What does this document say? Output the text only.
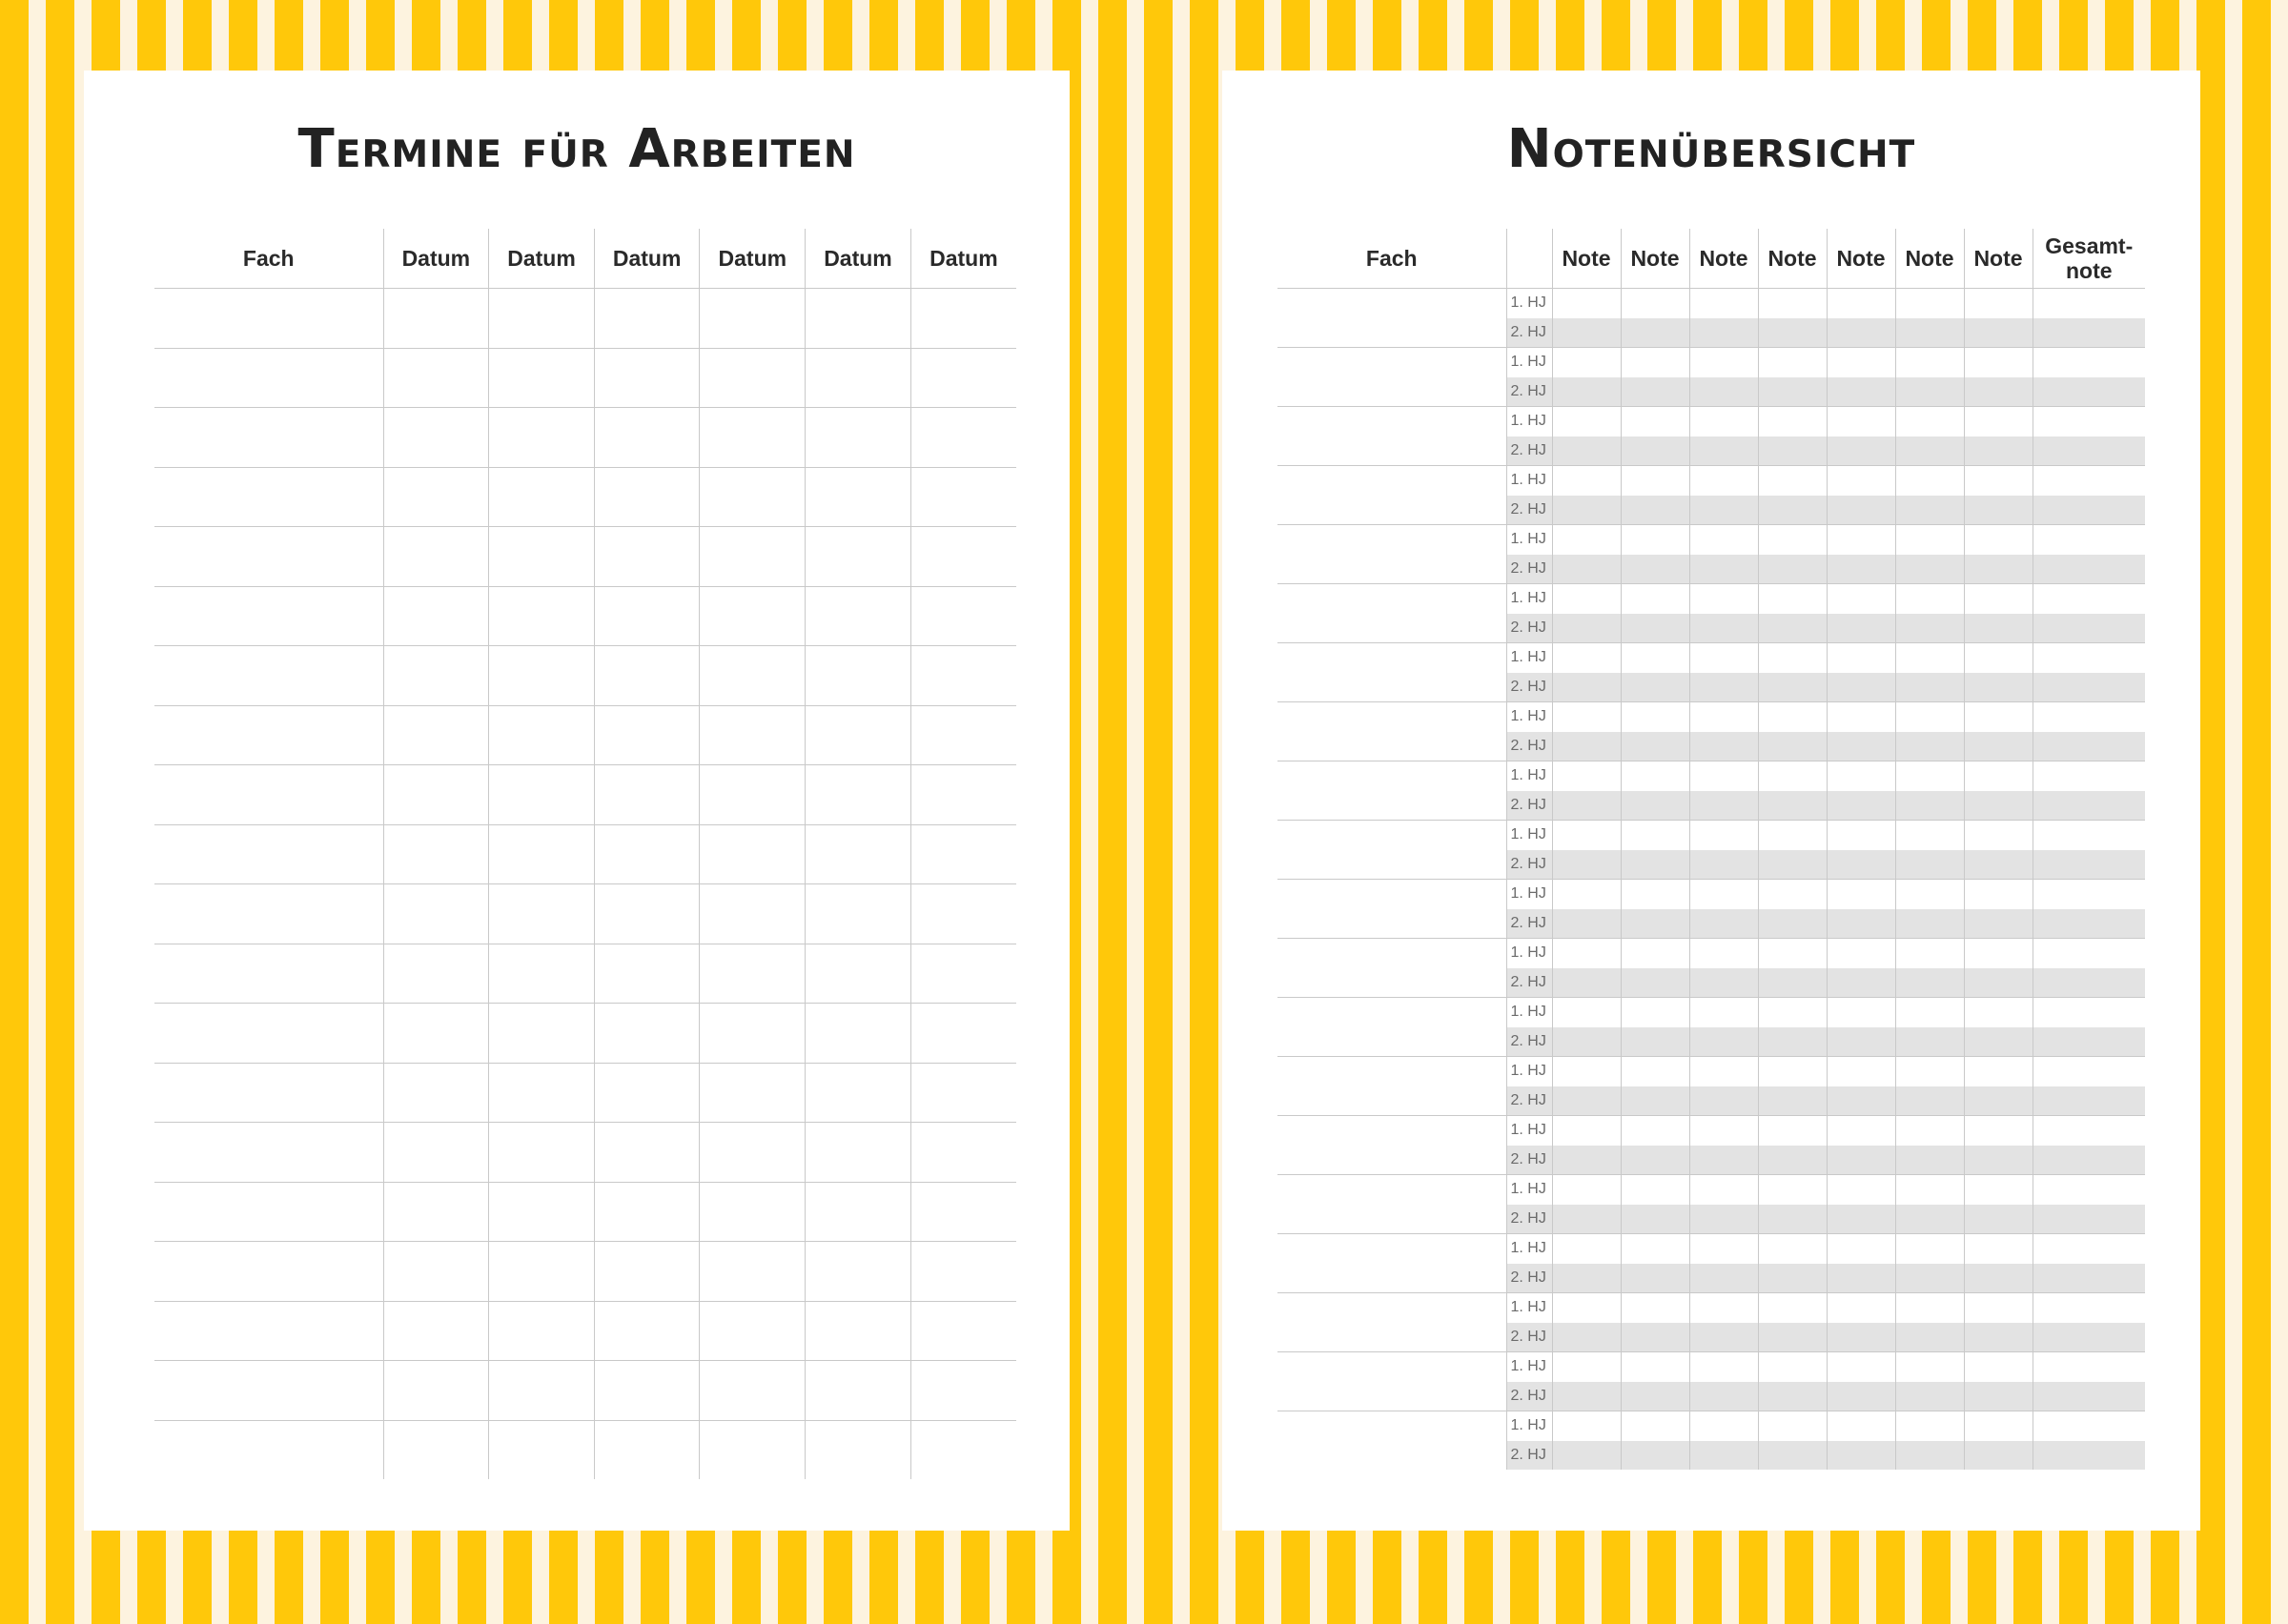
Termine für Arbeiten
Fach	Datum	Datum	Datum	Datum	Datum	Datum

Notenübersicht
Fach		Note	Note	Note	Note	Note	Note	Note	Gesamt-
note
	1. HJ								
	2. HJ								
	1. HJ								
	2. HJ								
	1. HJ								
	2. HJ								
	1. HJ								
	2. HJ								
	1. HJ								
	2. HJ								
	1. HJ								
	2. HJ								
	1. HJ								
	2. HJ								
	1. HJ								
	2. HJ								
	1. HJ								
	2. HJ								
	1. HJ								
	2. HJ								
	1. HJ								
	2. HJ								
	1. HJ								
	2. HJ								
	1. HJ								
	2. HJ								
	1. HJ								
	2. HJ								
	1. HJ								
	2. HJ								
	1. HJ								
	2. HJ								
	1. HJ								
	2. HJ								
	1. HJ								
	2. HJ								
	1. HJ								
	2. HJ								
	1. HJ								
	2. HJ								
